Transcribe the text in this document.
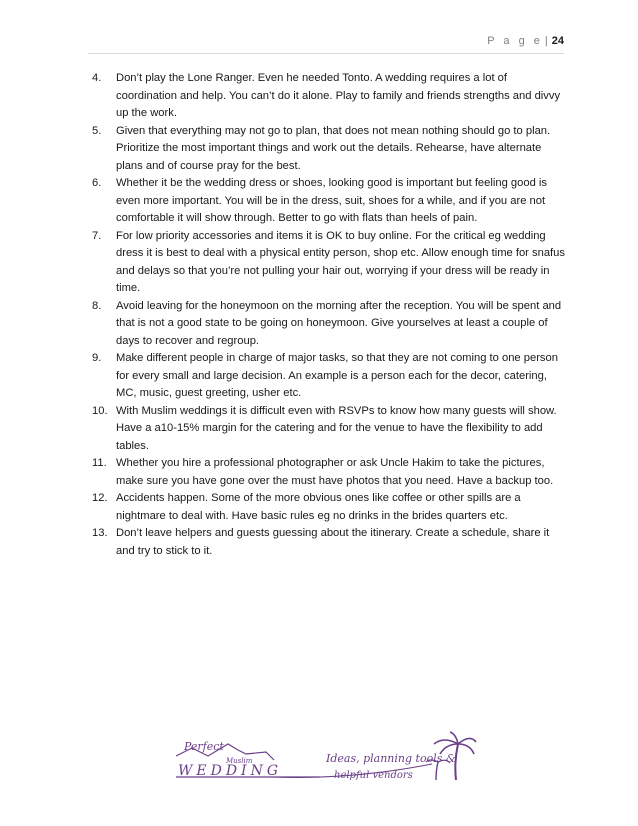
P a g e | 24
4. Don’t play the Lone Ranger. Even he needed Tonto. A wedding requires a lot of coordination and help. You can’t do it alone. Play to family and friends strengths and divvy up the work.
5. Given that everything may not go to plan, that does not mean nothing should go to plan. Prioritize the most important things and work out the details. Rehearse, have alternate plans and of course pray for the best.
6. Whether it be the wedding dress or shoes, looking good is important but feeling good is even more important. You will be in the dress, suit, shoes for a while, and if you are not comfortable it will show through. Better to go with flats than heels of pain.
7. For low priority accessories and items it is OK to buy online. For the critical eg wedding dress it is best to deal with a physical entity person, shop etc. Allow enough time for snafus and delays so that you’re not pulling your hair out, worrying if your dress will be ready in time.
8. Avoid leaving for the honeymoon on the morning after the reception. You will be spent and that is not a good state to be going on honeymoon. Give yourselves at least a couple of days to recover and regroup.
9. Make different people in charge of major tasks, so that they are not coming to one person for every small and large decision. An example is a person each for the decor, catering, MC, music, guest greeting, usher etc.
10. With Muslim weddings it is difficult even with RSVPs to know how many guests will show. Have a a10-15% margin for the catering and for the venue to have the flexibility to add tables.
11. Whether you hire a professional photographer or ask Uncle Hakim to take the pictures, make sure you have gone over the must have photos that you need. Have a backup too.
12. Accidents happen. Some of the more obvious ones like coffee or other spills are a nightmare to deal with. Have basic rules eg no drinks in the brides quarters etc.
13. Don’t leave helpers and guests guessing about the itinerary. Create a schedule, share it and try to stick to it.
Perfect
Muslim
WEDDING
Ideas, planning tools &
helpful vendors
